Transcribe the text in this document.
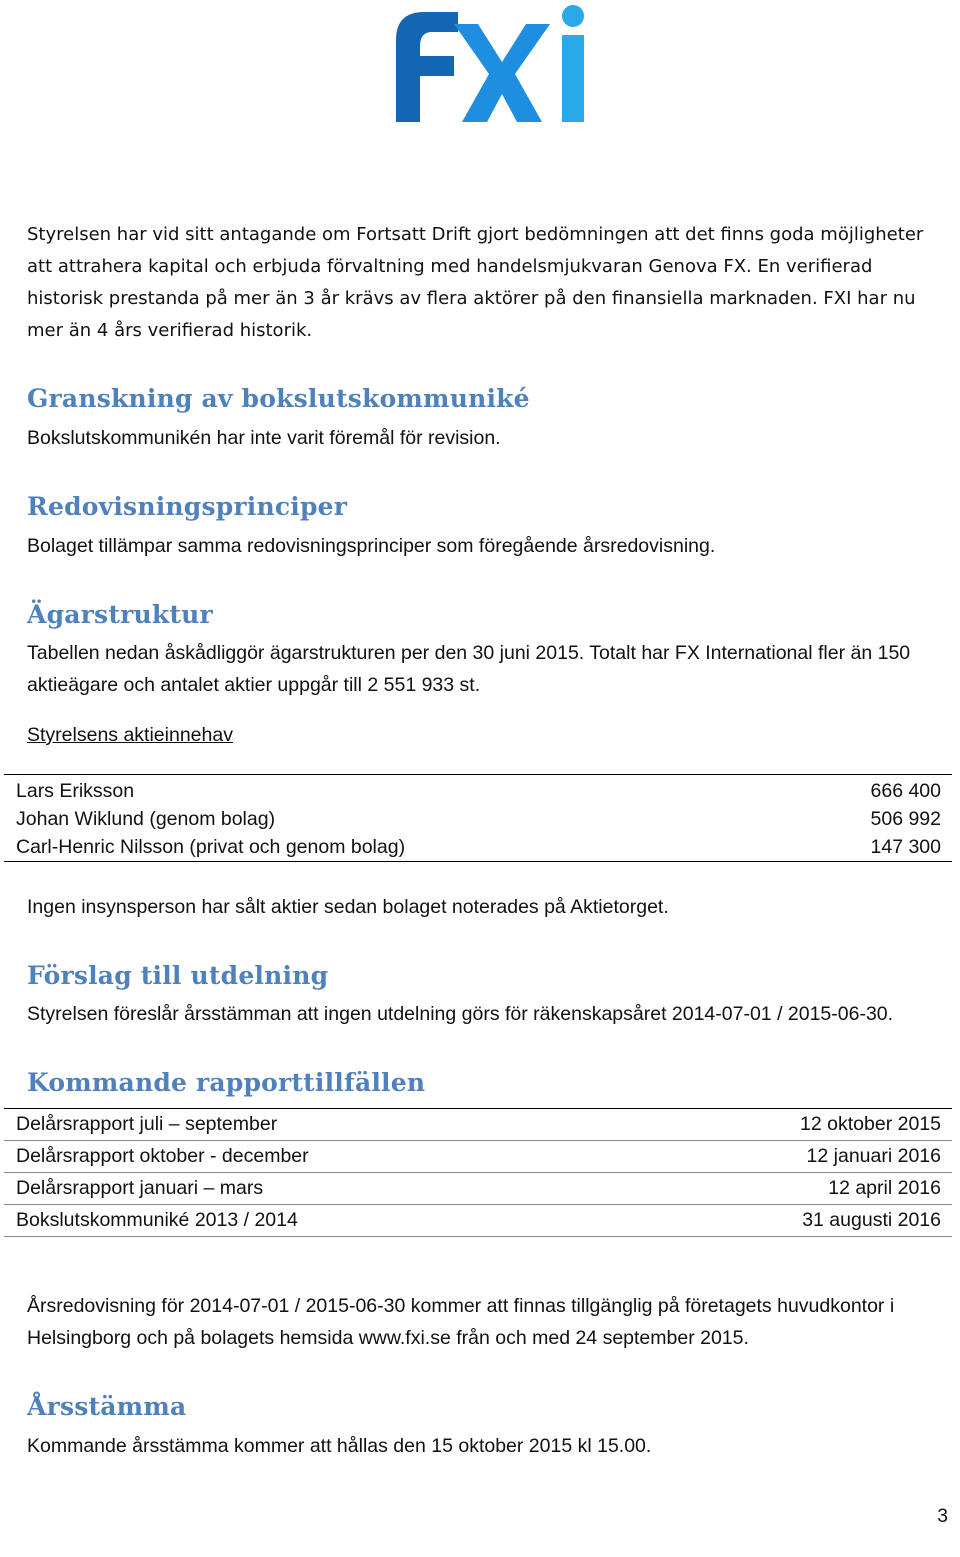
Styrelsen har vid sitt antagande om Fortsatt Drift gjort bedömningen att det finns goda möjligheter att attrahera kapital och erbjuda förvaltning med handelsmjukvaran Genova FX. En verifierad historisk prestanda på mer än 3 år krävs av flera aktörer på den finansiella marknaden. FXI har nu mer än 4 års verifierad historik.

Granskning av bokslutskommuniké

Bokslutskommunikén har inte varit föremål för revision.

Redovisningsprinciper

Bolaget tillämpar samma redovisningsprinciper som föregående årsredovisning.

Ägarstruktur

Tabellen nedan åskådliggör ägarstrukturen per den 30 juni 2015. Totalt har FX International fler än 150 aktieägare och antalet aktier uppgår till 2 551 933 st.

Styrelsens aktieinnehav
Lars Eriksson	666 400
Johan Wiklund (genom bolag)	506 992
Carl-Henric Nilsson (privat och genom bolag)	147 300

Ingen insynsperson har sålt aktier sedan bolaget noterades på Aktietorget.

Förslag till utdelning

Styrelsen föreslår årsstämman att ingen utdelning görs för räkenskapsåret 2014-07-01 / 2015-06-30.

Kommande rapporttillfällen
Delårsrapport juli – september	12 oktober 2015
Delårsrapport oktober - december	12 januari 2016
Delårsrapport januari – mars	12 april 2016
Bokslutskommuniké 2013 / 2014	31 augusti 2016

Årsredovisning för 2014-07-01 / 2015-06-30 kommer att finnas tillgänglig på företagets huvudkontor i Helsingborg och på bolagets hemsida www.fxi.se från och med 24 september 2015.

Årsstämma

Kommande årsstämma kommer att hållas den 15 oktober 2015 kl 15.00.

3
